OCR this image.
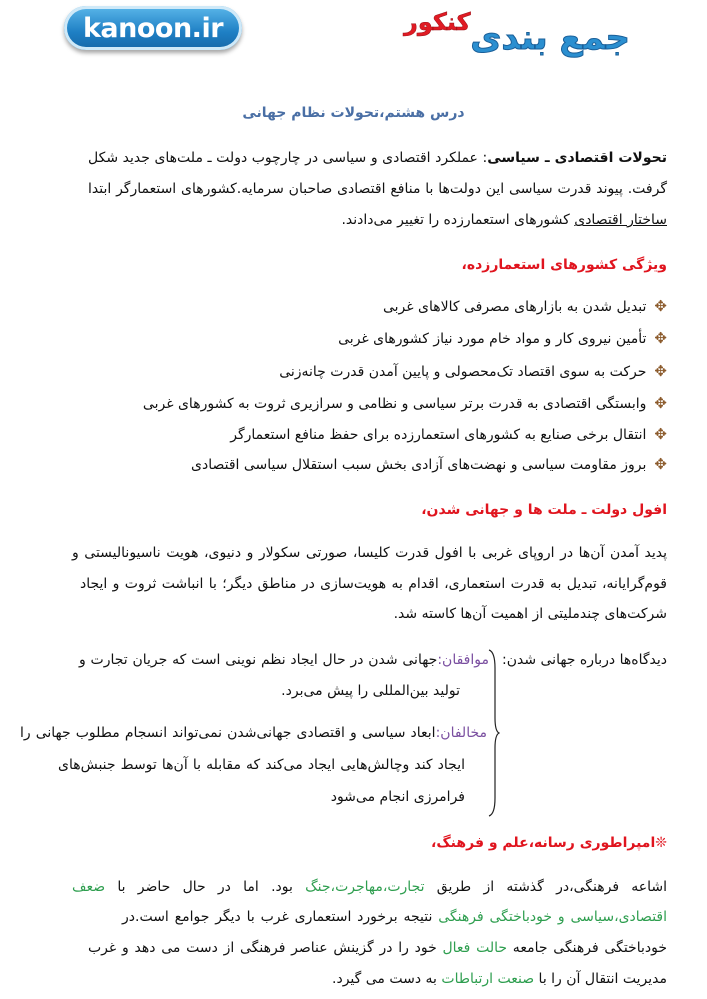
kanoon.ir	جمع بندی
کنکور
درس هشتم،تحولات نظام جهانی
تحولات اقتصادی ـ سیاسی: عملکرد اقتصادی و سیاسی در چارچوب دولت ـ ملت‌های جدید شکل
گرفت. پیوند قدرت سیاسی این دولت‌ها با منافع اقتصادی صاحبان سرمایه.کشورهای استعمارگر ابتدا
ساختار اقتصادی کشورهای استعمارزده را تغییر می‌دادند.
ویژگی کشورهای استعمارزده،
✥تبدیل شدن به بازارهای مصرفی کالاهای غربی
✥تأمین نیروی کار و مواد خام مورد نیاز کشورهای غربی
✥حرکت به سوی اقتصاد تک‌محصولی و پایین آمدن قدرت چانه‌زنی
✥وابستگی اقتصادی به قدرت برتر سیاسی و نظامی و سرازیری ثروت به کشورهای غربی
✥انتقال برخی صنایع به کشورهای استعمارزده برای حفظ منافع استعمارگر
✥بروز مقاومت سیاسی و نهضت‌های آزادی بخش سبب استقلال سیاسی اقتصادی
افول دولت ـ ملت ها و جهانی شدن،
پدید آمدن آن‌ها در اروپای غربی با افول قدرت کلیسا، صورتی سکولار و دنیوی، هویت ناسیونالیستی و
قوم‌گرایانه، تبدیل به قدرت استعماری، اقدام به هویت‌سازی در مناطق دیگر؛ با انباشت ثروت و ایجاد
شرکت‌های چندملیتی از اهمیت آن‌ها کاسته شد.
دیدگاه‌ها درباره جهانی شدن:
موافقان:جهانی شدن در حال ایجاد نظم نوینی است که جریان تجارت و
تولید بین‌المللی را پیش می‌برد.
مخالفان:ابعاد سیاسی و اقتصادی جهانی‌شدن نمی‌تواند انسجام مطلوب جهانی را
ایجاد کند وچالش‌هایی ایجاد می‌کند که مقابله با آن‌ها توسط جنبش‌های
فرامرزی انجام می‌شود
❊امپراطوری رسانه،علم و فرهنگ،
اشاعه فرهنگی،در گذشته از طریق تجارت،مهاجرت،جنگ بود. اما در حال حاضر با ضعف
اقتصادی،سیاسی و خودباختگی فرهنگی نتیجه برخورد استعماری غرب با دیگر جوامع است.در
خودباختگی فرهنگی جامعه حالت فعال خود را در گزینش عناصر فرهنگی از دست می دهد و غرب
مدیریت انتقال آن را با صنعت ارتباطات به دست می گیرد.
